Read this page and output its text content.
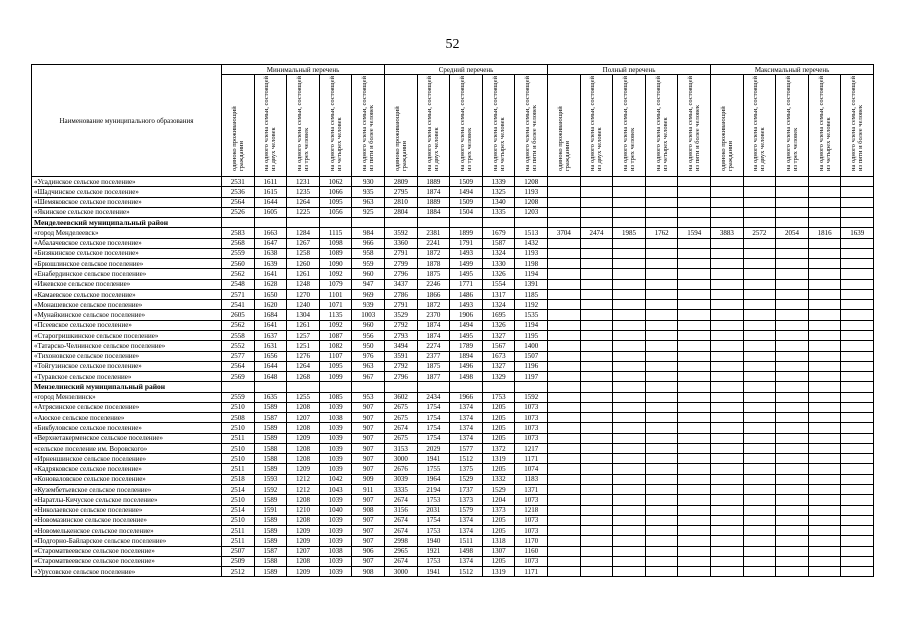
52
Наименование муниципального образования	Минимальный перечень					Средний перечень					Полный перечень					Максимальный перечень				
	одиноко проживающий гражданин	на одного члена семьи, состоящей из двух человек	на одного члена семьи, состоящей из трех человек	на одного члена семьи, состоящей из четырех человек	на одного члена семьи, состоящей из пяти и более человек	одиноко проживающий гражданин	на одного члена семьи, состоящей из двух человек	на одного члена семьи, состоящей из трех человек	на одного члена семьи, состоящей из четырех человек	на одного члена семьи, состоящей из пяти и более человек	одиноко проживающий гражданин	на одного члена семьи, состоящей из двух человек	на одного члена семьи, состоящей из трех человек	на одного члена семьи, состоящей из четырех человек	на одного члена семьи, состоящей из пяти и более человек	одиноко проживающий гражданин	на одного члена семьи, состоящей из двух человек	на одного члена семьи, состоящей из трех человек	на одного члена семьи, состоящей из четырех человек	на одного члена семьи, состоящей из пяти и более человек
«Усадинское сельское поселение»	2531	1611	1231	1062	930	2809	1889	1509	1339	1208										
«Шадчинское сельское поселение»	2536	1615	1235	1066	935	2795	1874	1494	1325	1193										
«Шемяковское сельское поселение»	2564	1644	1264	1095	963	2810	1889	1509	1340	1208										
«Якинское сельское поселение»	2526	1605	1225	1056	925	2804	1884	1504	1335	1203										
Менделеевский муниципальный район																				
«город Менделеевск»	2583	1663	1284	1115	984	3592	2381	1899	1679	1513	3704	2474	1985	1762	1594	3883	2572	2054	1816	1639
«Абалачевское сельское поселение»	2568	1647	1267	1098	966	3360	2241	1791	1587	1432										
«Бизякинское сельское поселение»	2559	1638	1258	1089	958	2791	1872	1493	1324	1193										
«Брюшлинское сельское поселение»	2560	1639	1260	1090	959	2799	1878	1499	1330	1198										
«Енабердинское сельское поселение»	2562	1641	1261	1092	960	2796	1875	1495	1326	1194										
«Ижевское сельское поселение»	2548	1628	1248	1079	947	3437	2246	1771	1554	1391										
«Камаевское сельское поселение»	2571	1650	1270	1101	969	2786	1866	1486	1317	1185										
«Монашевское сельское поселение»	2541	1620	1240	1071	939	2791	1872	1493	1324	1192										
«Мунайкинское сельское поселение»	2605	1684	1304	1135	1003	3529	2370	1906	1695	1535										
«Псеевское сельское поселение»	2562	1641	1261	1092	960	2792	1874	1494	1326	1194										
«Старогришкинское сельское поселение»	2558	1637	1257	1087	956	2793	1874	1495	1327	1195										
«Татарско-Челнинское сельское поселение»	2552	1631	1251	1082	950	3494	2274	1789	1567	1400										
«Тихоновское сельское поселение»	2577	1656	1276	1107	976	3591	2377	1894	1673	1507										
«Тойгузинское сельское поселение»	2564	1644	1264	1095	963	2792	1875	1496	1327	1196										
«Туравское сельское поселение»	2569	1648	1268	1099	967	2796	1877	1498	1329	1197										
Мензелинский муниципальный район																				
«город Мензелинск»	2559	1635	1255	1085	953	3602	2434	1966	1753	1592										
«Атрясинское сельское поселение»	2510	1589	1208	1039	907	2675	1754	1374	1205	1073										
«Аюское сельское поселение»	2508	1587	1207	1038	907	2675	1754	1374	1205	1073										
«Бикбуловское сельское поселение»	2510	1589	1208	1039	907	2674	1754	1374	1205	1073										
«Верхнетакерменское сельское поселение»	2511	1589	1209	1039	907	2675	1754	1374	1205	1073										
«сельское поселение им. Воровского»	2510	1588	1208	1039	907	3153	2029	1577	1372	1217										
«Ирненшинское сельское поселение»	2510	1588	1208	1039	907	3000	1941	1512	1319	1171										
«Кадряковское сельское поселение»	2511	1589	1209	1039	907	2676	1755	1375	1205	1074										
«Коноваловское сельское поселение»	2518	1593	1212	1042	909	3039	1964	1529	1332	1183										
«Кузембетьевское сельское поселение»	2514	1592	1212	1043	911	3335	2194	1737	1529	1371										
«Наратлы-Кичуское сельское поселение»	2510	1589	1208	1039	907	2674	1753	1373	1204	1073										
«Николаевское сельское поселение»	2514	1591	1210	1040	908	3156	2031	1579	1373	1218										
«Новомазинское сельское поселение»	2510	1589	1208	1039	907	2674	1754	1374	1205	1073										
«Новомелькенское сельское поселение»	2511	1589	1209	1039	907	2674	1753	1374	1205	1073										
«Подгорно-Байларское сельское поселение»	2511	1589	1209	1039	907	2998	1940	1511	1318	1170										
«Староматвеевское сельское поселение»	2507	1587	1207	1038	906	2965	1921	1498	1307	1160										
«Староматвеевское сельское поселение»	2509	1588	1208	1039	907	2674	1753	1374	1205	1073										
«Урусовское сельское поселение»	2512	1589	1209	1039	908	3000	1941	1512	1319	1171										
